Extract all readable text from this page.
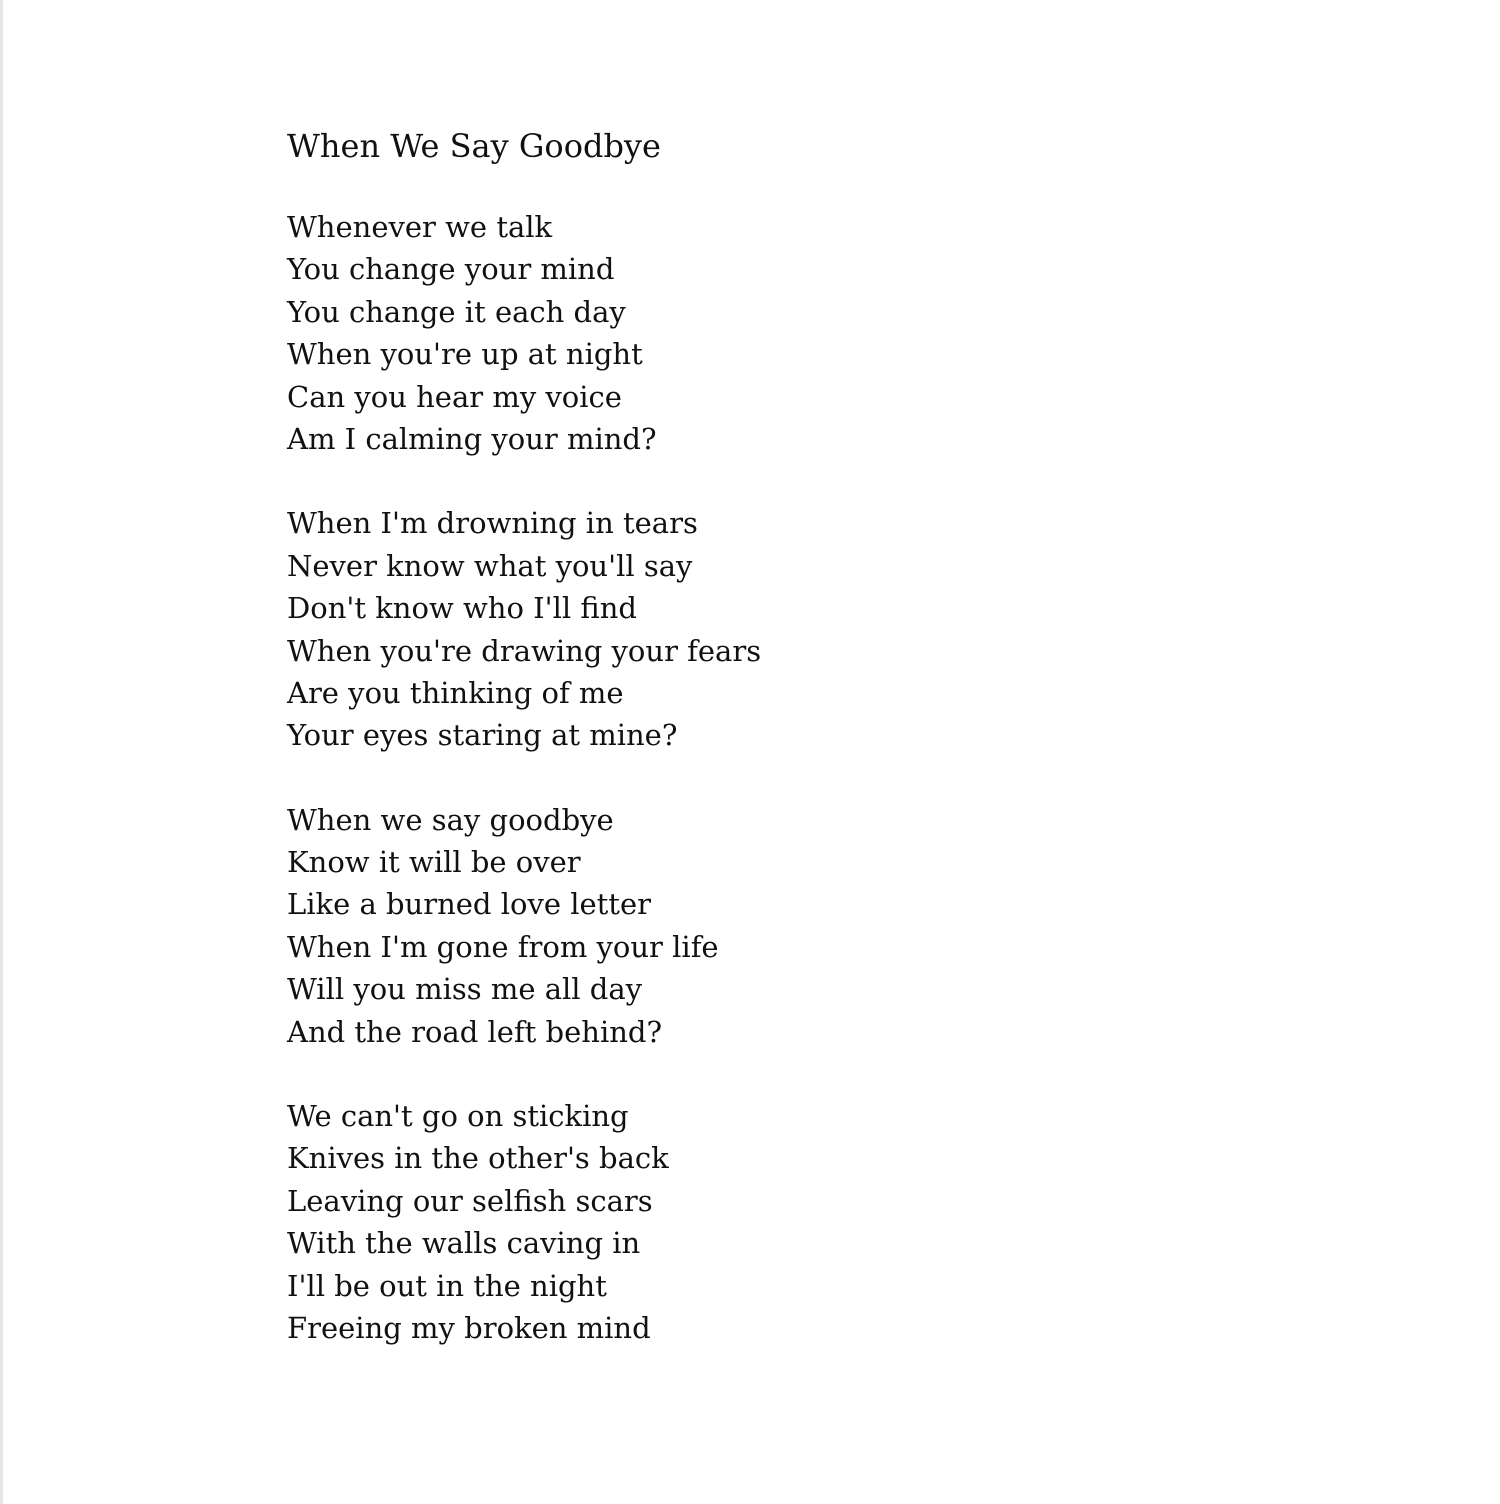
When We Say Goodbye
Whenever we talk
You change your mind
You change it each day
When you're up at night
Can you hear my voice
Am I calming your mind?
When I'm drowning in tears
Never know what you'll say
Don't know who I'll find
When you're drawing your fears
Are you thinking of me
Your eyes staring at mine?
When we say goodbye
Know it will be over
Like a burned love letter
When I'm gone from your life
Will you miss me all day
And the road left behind?
We can't go on sticking
Knives in the other's back
Leaving our selfish scars
With the walls caving in
I'll be out in the night
Freeing my broken mind
